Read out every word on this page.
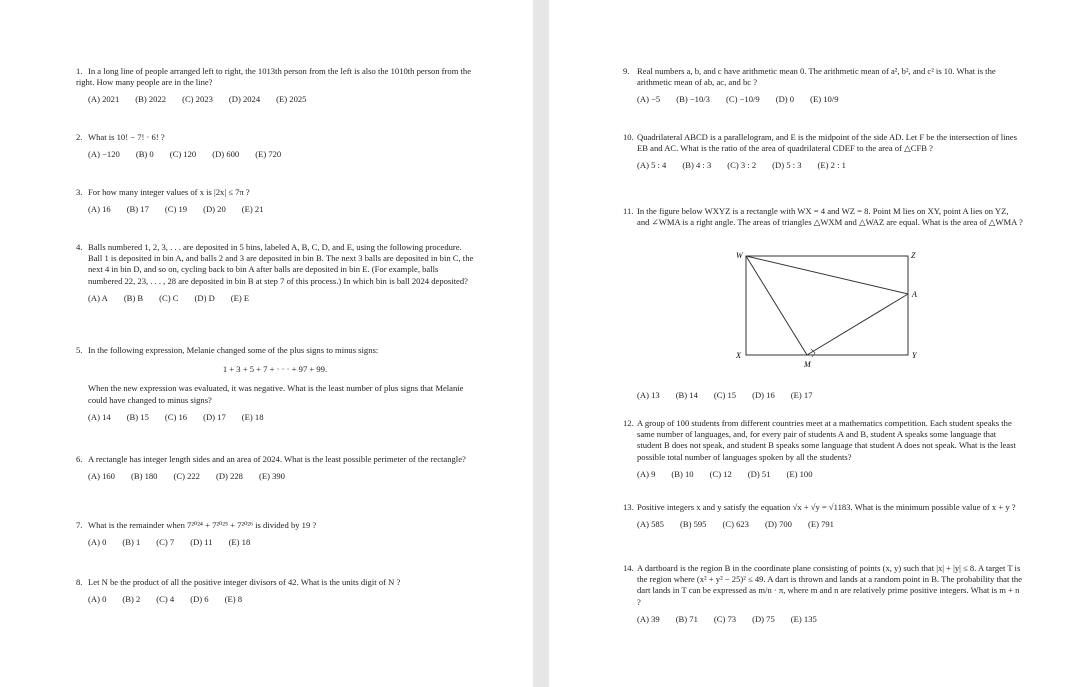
1. In a long line of people arranged left to right, the 1013th person from the left is also the 1010th person from the right. How many people are in the line?
(A) 2021 (B) 2022 (C) 2023 (D) 2024 (E) 2025
2. What is 10! − 7! · 6! ?
(A) −120 (B) 0 (C) 120 (D) 600 (E) 720
3. For how many integer values of x is |2x| ≤ 7π ?
(A) 16 (B) 17 (C) 19 (D) 20 (E) 21
4. Balls numbered 1, 2, 3, . . . are deposited in 5 bins, labeled A, B, C, D, and E, using the following procedure. Ball 1 is deposited in bin A, and balls 2 and 3 are deposited in bin B. The next 3 balls are deposited in bin C, the next 4 in bin D, and so on, cycling back to bin A after balls are deposited in bin E. (For example, balls numbered 22, 23, . . . , 28 are deposited in bin B at step 7 of this process.) In which bin is ball 2024 deposited?
(A) A (B) B (C) C (D) D (E) E
5. In the following expression, Melanie changed some of the plus signs to minus signs:
1 + 3 + 5 + 7 + · · · + 97 + 99.
When the new expression was evaluated, it was negative. What is the least number of plus signs that Melanie could have changed to minus signs?
(A) 14 (B) 15 (C) 16 (D) 17 (E) 18
6. A rectangle has integer length sides and an area of 2024. What is the least possible perimeter of the rectangle?
(A) 160 (B) 180 (C) 222 (D) 228 (E) 390
7. What is the remainder when 7²⁰²⁴ + 7²⁰²⁵ + 7²⁰²⁶ is divided by 19 ?
(A) 0 (B) 1 (C) 7 (D) 11 (E) 18
8. Let N be the product of all the positive integer divisors of 42. What is the units digit of N ?
(A) 0 (B) 2 (C) 4 (D) 6 (E) 8
9. Real numbers a, b, and c have arithmetic mean 0. The arithmetic mean of a², b², and c² is 10. What is the arithmetic mean of ab, ac, and bc ?
(A) −5 (B) −10/3 (C) −10/9 (D) 0 (E) 10/9
10. Quadrilateral ABCD is a parallelogram, and E is the midpoint of the side AD. Let F be the intersection of lines EB and AC. What is the ratio of the area of quadrilateral CDEF to the area of △CFB ?
(A) 5 : 4 (B) 4 : 3 (C) 3 : 2 (D) 5 : 3 (E) 2 : 1
11. In the figure below WXYZ is a rectangle with WX = 4 and WZ = 8. Point M lies on XY, point A lies on YZ, and ∠WMA is a right angle. The areas of triangles △WXM and △WAZ are equal. What is the area of △WMA ?
W	Z
A
X
M
Y
(A) 13 (B) 14 (C) 15 (D) 16 (E) 17
12. A group of 100 students from different countries meet at a mathematics competition. Each student speaks the same number of languages, and, for every pair of students A and B, student A speaks some language that student B does not speak, and student B speaks some language that student A does not speak. What is the least possible total number of languages spoken by all the students?
(A) 9 (B) 10 (C) 12 (D) 51 (E) 100
13. Positive integers x and y satisfy the equation √x + √y = √1183. What is the minimum possible value of x + y ?
(A) 585 (B) 595 (C) 623 (D) 700 (E) 791
14. A dartboard is the region B in the coordinate plane consisting of points (x, y) such that |x| + |y| ≤ 8. A target T is the region where (x² + y² − 25)² ≤ 49. A dart is thrown and lands at a random point in B. The probability that the dart lands in T can be expressed as m/n · π, where m and n are relatively prime positive integers. What is m + n ?
(A) 39 (B) 71 (C) 73 (D) 75 (E) 135
